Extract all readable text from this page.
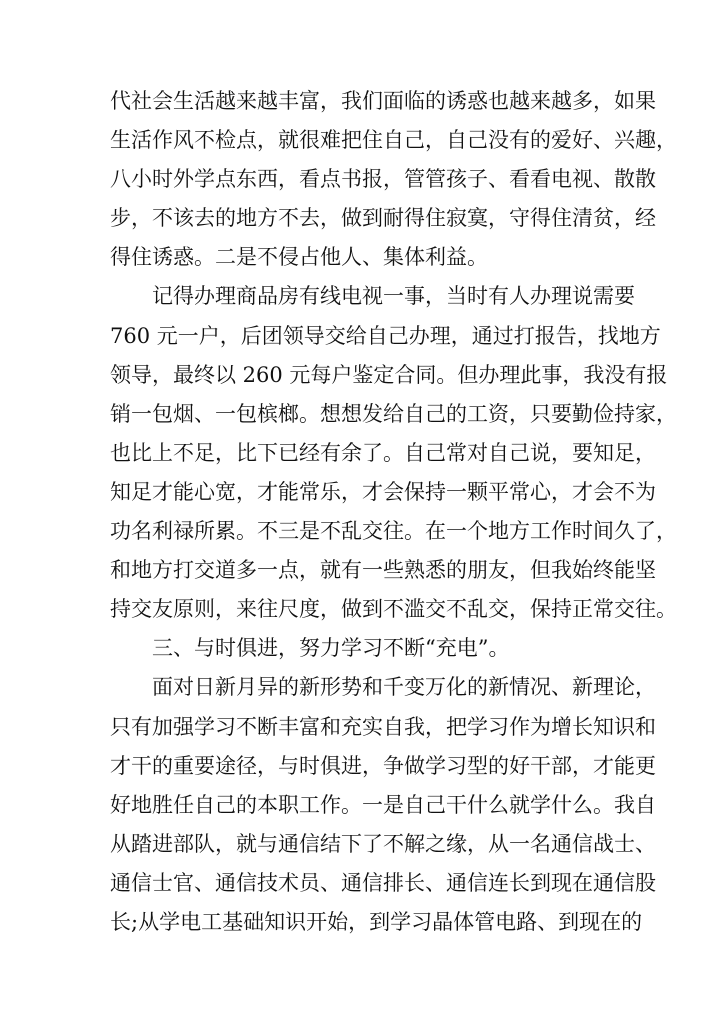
代社会生活越来越丰富，我们面临的诱惑也越来越多，如果
生活作风不检点，就很难把住自己，自己没有的爱好、兴趣，
八小时外学点东西，看点书报，管管孩子、看看电视、散散
步，不该去的地方不去，做到耐得住寂寞，守得住清贫，经
得住诱惑。二是不侵占他人、集体利益。
　　记得办理商品房有线电视一事，当时有人办理说需要
760 元一户，后团领导交给自己办理，通过打报告，找地方
领导，最终以 260 元每户鉴定合同。但办理此事，我没有报
销一包烟、一包槟榔。想想发给自己的工资，只要勤俭持家，
也比上不足，比下已经有余了。自己常对自己说，要知足，
知足才能心宽，才能常乐，才会保持一颗平常心，才会不为
功名利禄所累。不三是不乱交往。在一个地方工作时间久了，
和地方打交道多一点，就有一些熟悉的朋友，但我始终能坚
持交友原则，来往尺度，做到不滥交不乱交，保持正常交往。
　　三、与时俱进，努力学习不断“充电”。
　　面对日新月异的新形势和千变万化的新情况、新理论，
只有加强学习不断丰富和充实自我，把学习作为增长知识和
才干的重要途径，与时俱进，争做学习型的好干部，才能更
好地胜任自己的本职工作。一是自己干什么就学什么。我自
从踏进部队，就与通信结下了不解之缘，从一名通信战士、
通信士官、通信技术员、通信排长、通信连长到现在通信股
长;从学电工基础知识开始，到学习晶体管电路、到现在的
